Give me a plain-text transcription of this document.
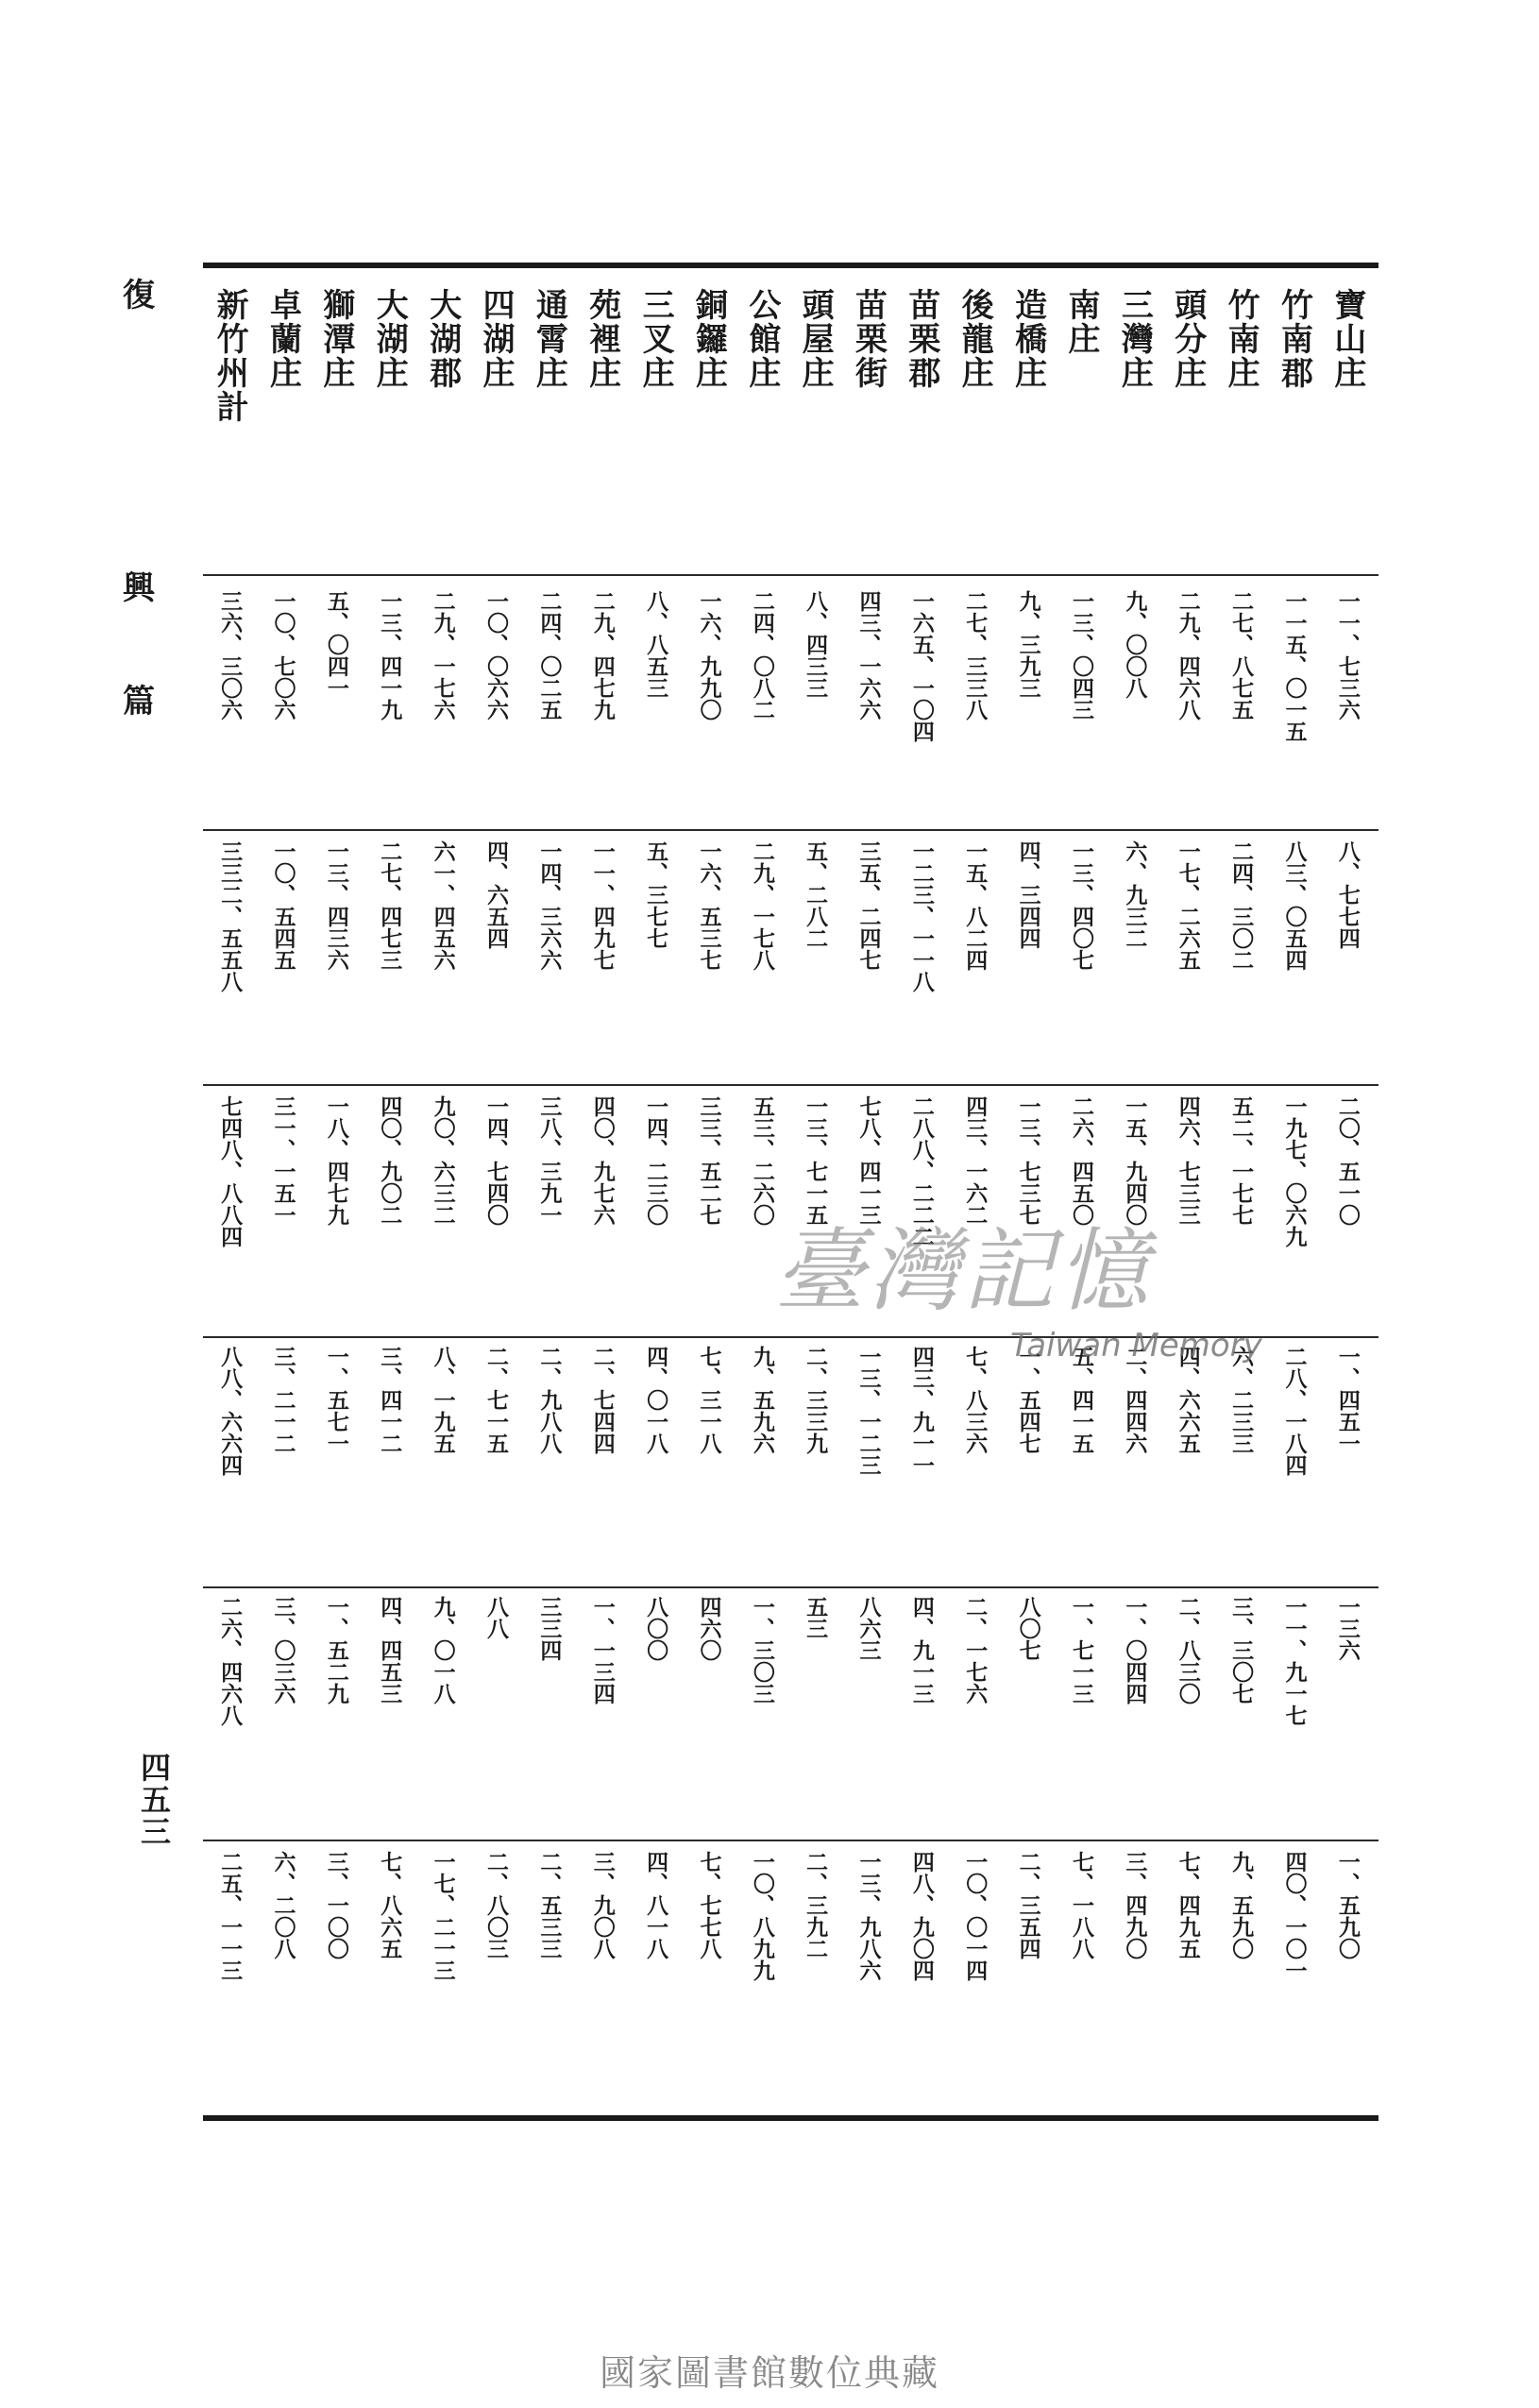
復
興
篇
四五三
新竹州計
三六、三〇六
三三二、五五八
七四八、八八四
八八、六六四
二六、四六八
二五、一一三
卓蘭庄
一〇、七〇六
一〇、五四五
三一、一五一
三、二一二
三、〇三六
六、二〇八
獅潭庄
五、〇四一
一三、四三六
一八、四七九
一、五七一
一、五二九
三、一〇〇
大湖庄
一三、四一九
二七、四七三
四〇、九〇二
三、四一二
四、四五三
七、八六五
大湖郡
二九、一七六
六一、四五六
九〇、六三二
八、一九五
九、〇一八
一七、二一三
四湖庄
一〇、〇六六
四、六五四
一四、七四〇
二、七一五
八八
二、八〇三
通霄庄
二四、〇二五
一四、三六六
三八、三九一
二、九八八
三三四
二、五三三
苑裡庄
二九、四七九
一一、四九七
四〇、九七六
二、七四四
一、一三四
三、九〇八
三叉庄
八、八五三
五、三七七
一四、二三〇
四、〇一八
八〇〇
四、八一八
銅鑼庄
一六、九九〇
一六、五三七
三三、五二七
七、三一八
四六〇
七、七七八
公館庄
二四、〇八二
二九、一七八
五三、二六〇
九、五九六
一、三〇三
一〇、八九九
頭屋庄
八、四三三
五、二八二
一三、七一五
二、三三九
五三
二、三九二
苗栗街
四三、一六六
三五、二四七
七八、四一三
一三、一二三
八六三
一三、九八六
苗栗郡
一六五、一〇四
一二三、一一八
二八八、二二二
四三、九一一
四、九一三
四八、九〇四
後龍庄
二七、三三八
一五、八二四
四三、一六二
七、八三六
二、一七六
一〇、〇一四
造橋庄
九、三九三
四、三四四
一三、七三七
一、五四七
八〇七
二、三五四
南庄
一三、〇四三
一三、四〇七
二六、四五〇
五、四一五
一、七一三
七、一八八
三灣庄
九、〇〇八
六、九三二
一五、九四〇
二、四四六
一、〇四四
三、四九〇
頭分庄
二九、四六八
一七、二六五
四六、七三三
四、六六五
二、八三〇
七、四九五
竹南庄
二七、八七五
二四、三〇二
五二、一七七
六、二三三
三、三〇七
九、五九〇
竹南郡
一一五、〇一五
八三、〇五四
一九七、〇六九
二八、一八四
一一、九一七
四〇、一〇一
寶山庄
一一、七三六
八、七七四
二〇、五一〇
一、四五一
一三六
一、五九〇
臺灣記憶
Taiwan Memory
國家圖書館數位典藏
